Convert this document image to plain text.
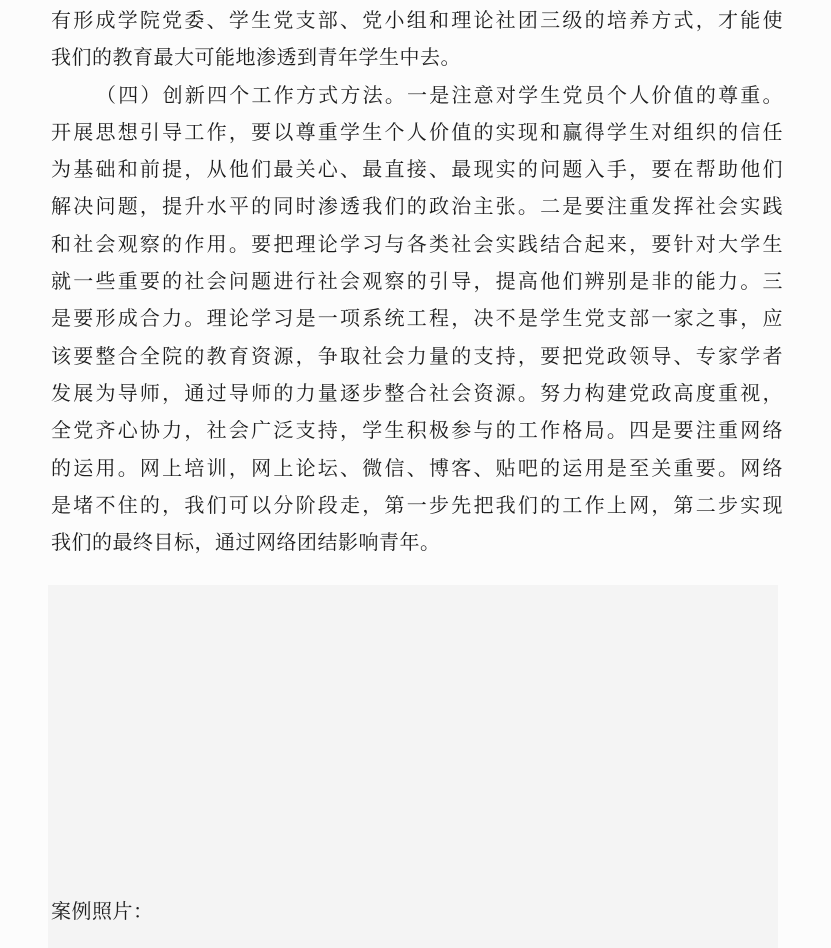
有形成学院党委、学生党支部、党小组和理论社团三级的培养方式，才能使
我们的教育最大可能地渗透到青年学生中去。
（四）创新四个工作方式方法。一是注意对学生党员个人价值的尊重。
开展思想引导工作，要以尊重学生个人价值的实现和赢得学生对组织的信任
为基础和前提，从他们最关心、最直接、最现实的问题入手，要在帮助他们
解决问题，提升水平的同时渗透我们的政治主张。二是要注重发挥社会实践
和社会观察的作用。要把理论学习与各类社会实践结合起来，要针对大学生
就一些重要的社会问题进行社会观察的引导，提高他们辨别是非的能力。三
是要形成合力。理论学习是一项系统工程，决不是学生党支部一家之事，应
该要整合全院的教育资源，争取社会力量的支持，要把党政领导、专家学者
发展为导师，通过导师的力量逐步整合社会资源。努力构建党政高度重视，
全党齐心协力，社会广泛支持，学生积极参与的工作格局。四是要注重网络
的运用。网上培训，网上论坛、微信、博客、贴吧的运用是至关重要。网络
是堵不住的，我们可以分阶段走，第一步先把我们的工作上网，第二步实现
我们的最终目标，通过网络团结影响青年。
案例照片：
